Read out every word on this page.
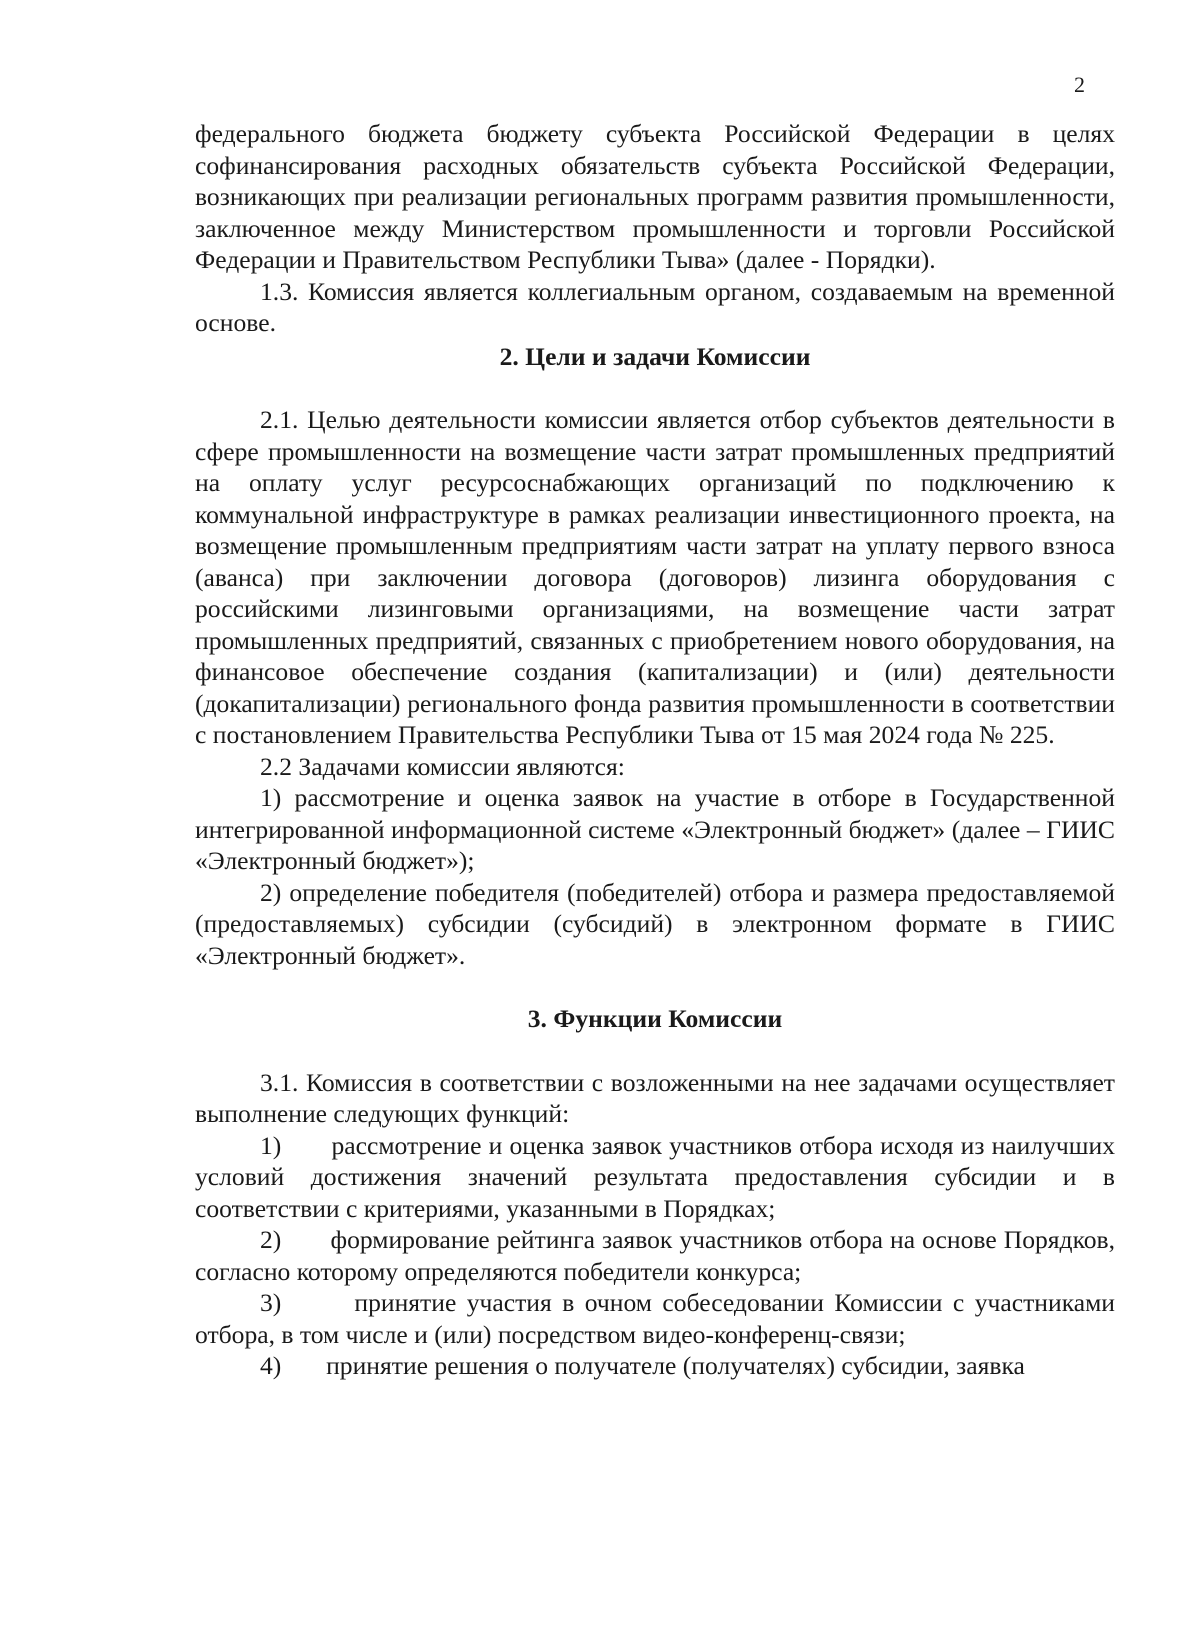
2

федерального бюджета бюджету субъекта Российской Федерации в целях софинансирования расходных обязательств субъекта Российской Федерации, возникающих при реализации региональных программ развития промышленности, заключенное между Министерством промышленности и торговли Российской Федерации и Правительством Республики Тыва» (далее - Порядки).

1.3. Комиссия является коллегиальным органом, создаваемым на временной основе.

2. Цели и задачи Комиссии

2.1. Целью деятельности комиссии является отбор субъектов деятельности в сфере промышленности на возмещение части затрат промышленных предприятий на оплату услуг ресурсоснабжающих организаций по подключению к коммунальной инфраструктуре в рамках реализации инвестиционного проекта, на возмещение промышленным предприятиям части затрат на уплату первого взноса (аванса) при заключении договора (договоров) лизинга оборудования с российскими лизинговыми организациями, на возмещение части затрат промышленных предприятий, связанных с приобретением нового оборудования, на финансовое обеспечение создания (капитализации) и (или) деятельности (докапитализации) регионального фонда развития промышленности в соответствии с постановлением Правительства Республики Тыва от 15 мая 2024 года № 225.

2.2 Задачами комиссии являются:

1) рассмотрение и оценка заявок на участие в отборе в Государственной интегрированной информационной системе «Электронный бюджет» (далее – ГИИС «Электронный бюджет»);

2) определение победителя (победителей) отбора и размера предоставляемой (предоставляемых) субсидии (субсидий) в электронном формате в ГИИС «Электронный бюджет».

3. Функции Комиссии

3.1. Комиссия в соответствии с возложенными на нее задачами осуществляет выполнение следующих функций:

1)       рассмотрение и оценка заявок участников отбора исходя из наилучших условий достижения значений результата предоставления субсидии и в соответствии с критериями, указанными в Порядках;

2)       формирование рейтинга заявок участников отбора на основе Порядков, согласно которому определяются победители конкурса;

3)       принятие участия в очном собеседовании Комиссии с участниками отбора, в том числе и (или) посредством видео-конференц-связи;

4)       принятие решения о получателе (получателях) субсидии, заявка
